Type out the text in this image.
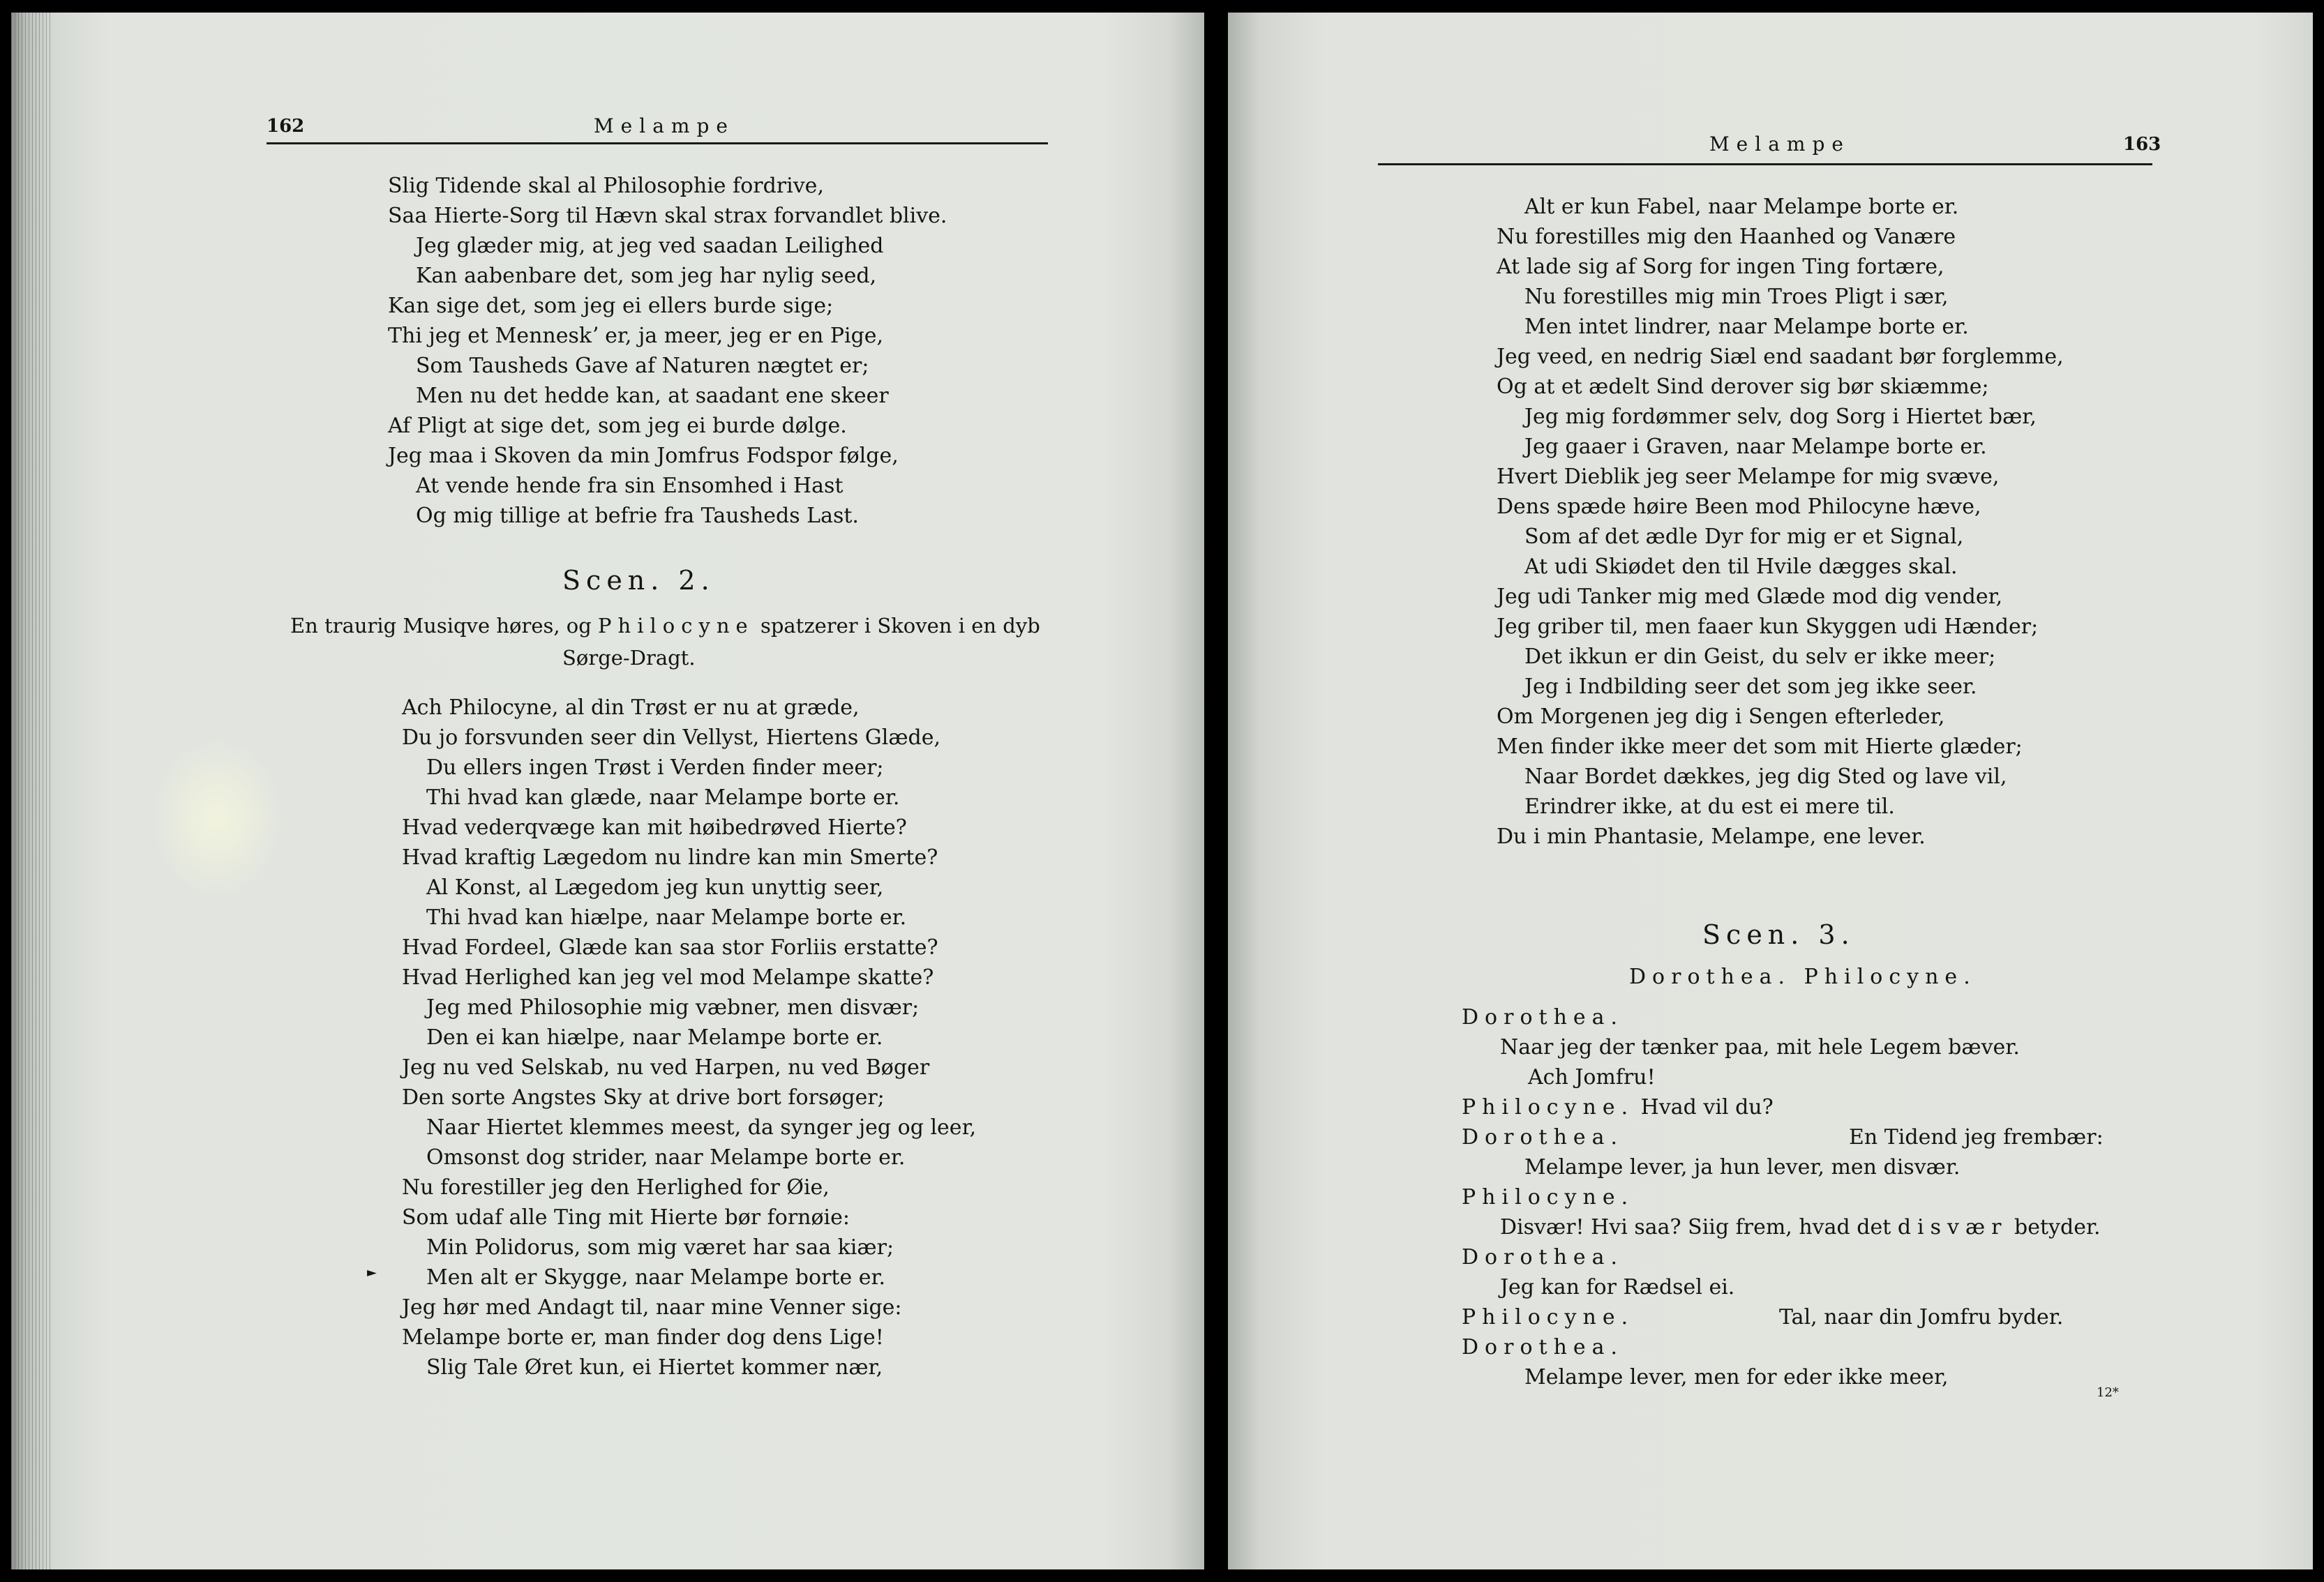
162	Melampe
Slig Tidende skal al Philosophie fordrive,
Saa Hierte-Sorg til Hævn skal strax forvandlet blive.
Jeg glæder mig, at jeg ved saadan Leilighed
Kan aabenbare det, som jeg har nylig seed,
Kan sige det, som jeg ei ellers burde sige;
Thi jeg et Menneskʼ er, ja meer, jeg er en Pige,
Som Tausheds Gave af Naturen nægtet er;
Men nu det hedde kan, at saadant ene skeer
Af Pligt at sige det, som jeg ei burde dølge.
Jeg maa i Skoven da min Jomfrus Fodspor følge,
At vende hende fra sin Ensomhed i Hast
Og mig tillige at befrie fra Tausheds Last.
Scen. 2.
En traurig Musiqve høres, og Philocyne spatzerer i Skoven i en dyb
Sørge-Dragt.
Ach Philocyne, al din Trøst er nu at græde,
Du jo forsvunden seer din Vellyst, Hiertens Glæde,
Du ellers ingen Trøst i Verden finder meer;
Thi hvad kan glæde, naar Melampe borte er.
Hvad vederqvæge kan mit høibedrøved Hierte?
Hvad kraftig Lægedom nu lindre kan min Smerte?
Al Konst, al Lægedom jeg kun unyttig seer,
Thi hvad kan hiælpe, naar Melampe borte er.
Hvad Fordeel, Glæde kan saa stor Forliis erstatte?
Hvad Herlighed kan jeg vel mod Melampe skatte?
Jeg med Philosophie mig væbner, men disvær;
Den ei kan hiælpe, naar Melampe borte er.
Jeg nu ved Selskab, nu ved Harpen, nu ved Bøger
Den sorte Angstes Sky at drive bort forsøger;
Naar Hiertet klemmes meest, da synger jeg og leer,
Omsonst dog strider, naar Melampe borte er.
Nu forestiller jeg den Herlighed for Øie,
Som udaf alle Ting mit Hierte bør fornøie:
Min Polidorus, som mig været har saa kiær;
Men alt er Skygge, naar Melampe borte er.
Jeg hør med Andagt til, naar mine Venner sige:
Melampe borte er, man finder dog dens Lige!
Slig Tale Øret kun, ei Hiertet kommer nær,
►
Melampe	163
Alt er kun Fabel, naar Melampe borte er.
Nu forestilles mig den Haanhed og Vanære
At lade sig af Sorg for ingen Ting fortære,
Nu forestilles mig min Troes Pligt i sær,
Men intet lindrer, naar Melampe borte er.
Jeg veed, en nedrig Siæl end saadant bør forglemme,
Og at et ædelt Sind derover sig bør skiæmme;
Jeg mig fordømmer selv, dog Sorg i Hiertet bær,
Jeg gaaer i Graven, naar Melampe borte er.
Hvert Dieblik jeg seer Melampe for mig svæve,
Dens spæde høire Been mod Philocyne hæve,
Som af det ædle Dyr for mig er et Signal,
At udi Skiødet den til Hvile dægges skal.
Jeg udi Tanker mig med Glæde mod dig vender,
Jeg griber til, men faaer kun Skyggen udi Hænder;
Det ikkun er din Geist, du selv er ikke meer;
Jeg i Indbilding seer det som jeg ikke seer.
Om Morgenen jeg dig i Sengen efterleder,
Men finder ikke meer det som mit Hierte glæder;
Naar Bordet dækkes, jeg dig Sted og lave vil,
Erindrer ikke, at du est ei mere til.
Du i min Phantasie, Melampe, ene lever.
Scen. 3.
Dorothea. Philocyne.
Dorothea.
Naar jeg der tænker paa, mit hele Legem bæver.
Ach Jomfru!
Philocyne. Hvad vil du?
Dorothea.	En Tidend jeg frembær:
Melampe lever, ja hun lever, men disvær.
Philocyne.
Disvær! Hvi saa? Siig frem, hvad det disvær betyder.
Dorothea.
Jeg kan for Rædsel ei.
Philocyne.	Tal, naar din Jomfru byder.
Dorothea.
Melampe lever, men for eder ikke meer,
12*
